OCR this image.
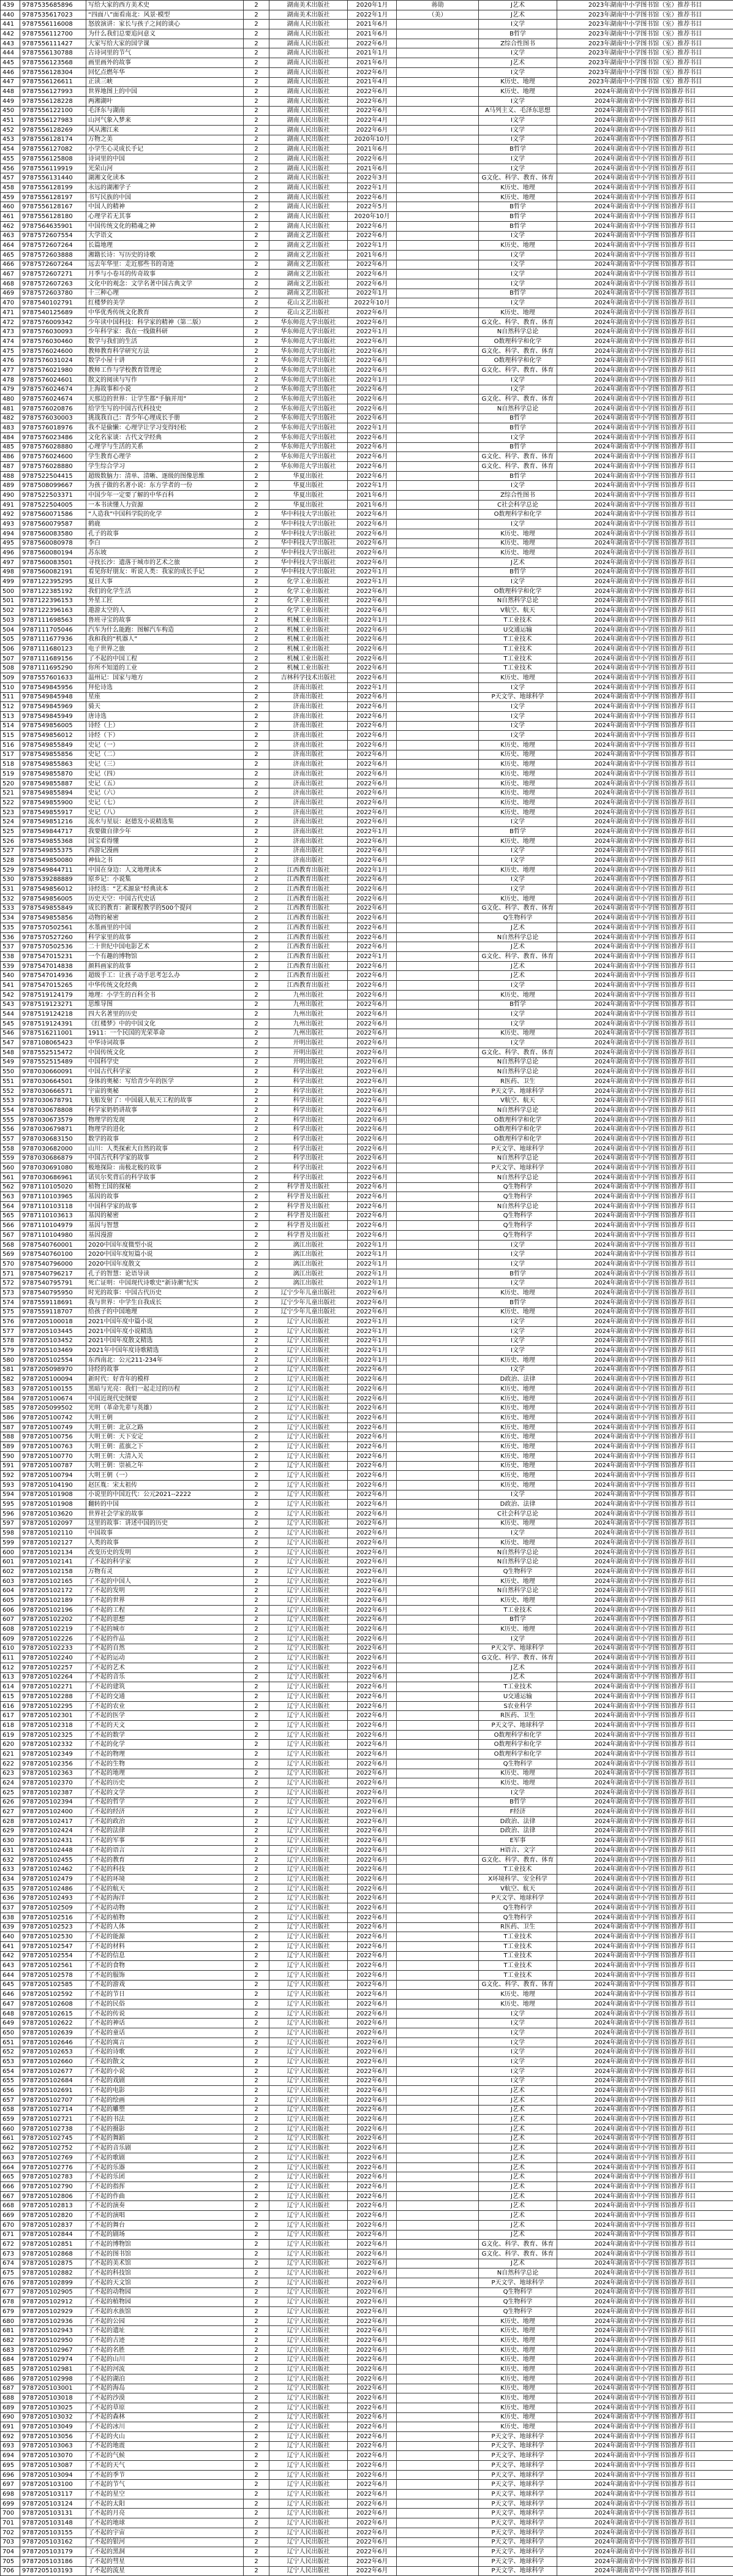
439	9787535685896	写给大家的西方美术史	2	湖南美术出版社	2020年1月	蒋勋	J艺术	2023年湖南中小学图书馆（室）推荐书目
440	9787535617023	“四面八”面看南北：风景·模型	2	湖南美术出版社	2022年1月	（美）	J艺术	2023年湖南中小学图书馆（室）推荐书目
441	9787556116008	怒放演讲：家长与孩子之间的谈心	2	湖南人民出版社	2021年6月		I文学	2023年湖南中小学图书馆（室）推荐书目
442	9787556112700	为什么我们总要追问意义	2	湖南人民出版社	2021年6月		B哲学	2023年湖南中小学图书馆（室）推荐书目
443	9787556111427	大家写给大家的国学课	2	湖南人民出版社	2022年6月		Z综合性图书	2023年湖南中小学图书馆（室）推荐书目
444	9787556130788	古诗词里的节气	2	湖南人民出版社	2021年1月		I文学	2023年湖南中小学图书馆（室）推荐书目
445	9787556123568	画里画外的故事	2	湖南人民出版社	2021年6月		J艺术	2023年湖南中小学图书馆（室）推荐书目
446	9787556128304	回忆点燃年华	2	湖南人民出版社	2022年6月		I文学	2023年湖南中小学图书馆（室）推荐书目
447	9787556126611	正读三峡	2	湖南人民出版社	2021年4月		K历史、地理	2023年湖南中小学图书馆（室）推荐书目
448	9787556127993	世界地图上的中国	2	湖南人民出版社	2022年6月		K历史、地理	2024年湖南省中小学图书馆推荐书目
449	9787556128228	两湘湖叶	2	湖南人民出版社	2022年6月		I文学	2024年湖南省中小学图书馆推荐书目
450	9787556122100	毛泽东与湖南	2	湖南人民出版社	2022年6月		A马列主义、毛泽东思想	2024年湖南省中小学图书馆推荐书目
451	9787556127983	山河气象入梦来	2	湖南人民出版社	2022年4月		I文学	2024年湖南省中小学图书馆推荐书目
452	9787556128269	风从湘江来	2	湖南人民出版社	2022年6月		I文学	2024年湖南省中小学图书馆推荐书目
453	9787556128174	万物之美	2	湖南人民出版社	2020年10月		I文学	2024年湖南省中小学图书馆推荐书目
454	9787556127082	小学生心灵成长手记	2	湖南人民出版社	2021年6月		B哲学	2024年湖南省中小学图书馆推荐书目
455	9787556125808	诗词里的中国	2	湖南人民出版社	2022年6月		I文学	2024年湖南省中小学图书馆推荐书目
456	9787556119919	光荣山河	2	湖南人民出版社	2021年6月		I文学	2024年湖南省中小学图书馆推荐书目
457	9787556131440	湖湘文化读本	2	湖南人民出版社	2022年3月		G文化、科学、教育、体育	2024年湖南省中小学图书馆推荐书目
458	9787556128199	永远的湖湘学子	2	湖南人民出版社	2022年1月		K历史、地理	2024年湖南省中小学图书馆推荐书目
459	9787556128197	书写民族的中国	2	湖南人民出版社	2022年6月		K历史、地理	2024年湖南省中小学图书馆推荐书目
460	9787556128167	中国人的精神	2	湖南人民出版社	2022年5月		B哲学	2024年湖南省中小学图书馆推荐书目
461	9787556128180	心理学若无其事	2	湖南人民出版社	2020年10月		B哲学	2024年湖南省中小学图书馆推荐书目
462	9787564635901	中国传统文化的精魂之神	2	湖南人民出版社	2022年6月		B哲学	2024年湖南省中小学图书馆推荐书目
463	9787572607554	大学语文	2	湖南文艺出版社	2022年6月		I文学	2024年湖南省中小学图书馆推荐书目
464	9787572607264	长篇地理	2	湖南文艺出版社	2022年1月		K历史、地理	2024年湖南省中小学图书馆推荐书目
465	9787572603888	湘籍长诗：写历史的诗歌	2	湖南文艺出版社	2021年6月		I文学	2024年湖南省中小学图书馆推荐书目
466	9787572607264	远去年华里：走近那些书的奇迹	2	湖南文艺出版社	2022年6月		I文学	2024年湖南省中小学图书馆推荐书目
467	9787572607271	月季与小卷耳的传奇故事	2	湖南文艺出版社	2022年6月		I文学	2024年湖南省中小学图书馆推荐书目
468	9787572607263	文化中的观念：文学名著中国古典文学	2	湖南文艺出版社	2022年6月		I文学	2024年湖南省中小学图书馆推荐书目
469	9787572603780	十三种心理	2	湖南文艺出版社	2022年1月		B哲学	2024年湖南省中小学图书馆推荐书目
470	9787540102791	红楼梦的美学	2	花山文艺出版社	2022年10月		I文学	2024年湖南省中小学图书馆推荐书目
471	9787540125689	中华优秀传统文化教育	2	花山文艺出版社	2022年6月		K历史、地理	2024年湖南省中小学图书馆推荐书目
472	9787576009342	少年读中国科技：科学家的精神（第二版）	2	华东师范大学出版社	2022年6月		G文化、科学、教育、体育	2024年湖南省中小学图书馆推荐书目
473	9787576030093	少年科学家：我在一线做科研	2	华东师范大学出版社	2022年1月		N自然科学总论	2024年湖南省中小学图书馆推荐书目
474	9787576030460	数学与我们的生活	2	华东师范大学出版社	2022年6月		O数理科学和化学	2024年湖南省中小学图书馆推荐书目
475	9787576024600	教师教育科学研究方法	2	华东师范大学出版社	2022年6月		G文化、科学、教育、体育	2024年湖南省中小学图书馆推荐书目
476	9787576031024	数学小屋十讲	2	华东师范大学出版社	2022年6月		O数理科学和化学	2024年湖南省中小学图书馆推荐书目
477	9787576021980	教师工作与学校教育管理论	2	华东师范大学出版社	2022年6月		G文化、科学、教育、体育	2024年湖南省中小学图书馆推荐书目
478	9787576024601	散文的阅读与写作	2	华东师范大学出版社	2022年1月		I文学	2024年湖南省中小学图书馆推荐书目
479	9787576024674	上海故事和小说	2	华东师范大学出版社	2022年6月		I文学	2024年湖南省中小学图书馆推荐书目
480	9787576024674	天那边的世界：让学生都“手脑并用”	2	华东师范大学出版社	2022年6月		G文化、科学、教育、体育	2024年湖南省中小学图书馆推荐书目
481	9787576020876	给学生写的中国古代科技史	2	华东师范大学出版社	2022年6月		N自然科学总论	2024年湖南省中小学图书馆推荐书目
482	9787576030003	挑战我自己：青少年心理成长手册	2	华东师范大学出版社	2022年6月		B哲学	2024年湖南省中小学图书馆推荐书目
483	9787576018976	我不是偷懒：心理学让学习变得轻松	2	华东师范大学出版社	2022年1月		B哲学	2024年湖南省中小学图书馆推荐书目
484	9787576023486	文化名家谈：古代文学经典	2	华东师范大学出版社	2022年6月		I文学	2024年湖南省中小学图书馆推荐书目
485	9787576028880	心理学与生活的关系	2	华东师范大学出版社	2022年6月		B哲学	2024年湖南省中小学图书馆推荐书目
486	9787576024600	学生教育心理学	2	华东师范大学出版社	2022年6月		G文化、科学、教育、体育	2024年湖南省中小学图书馆推荐书目
487	9787576028880	学生综合学习	2	华东师范大学出版社	2022年6月		G文化、科学、教育、体育	2024年湖南省中小学图书馆推荐书目
488	9787522504415	超级数脑力：清单、清晰、逐级的图像思维	2	华夏出版社	2022年6月		B哲学	2024年湖南省中小学图书馆推荐书目
489	9787508099667	为孩子做的名著小说：东方学者的一份	2	华夏出版社	2022年1月		I文学	2024年湖南省中小学图书馆推荐书目
490	9787522503371	中国少年一定要了解的中华百科	2	华夏出版社	2021年6月		Z综合性图书	2024年湖南省中小学图书馆推荐书目
491	9787522504005	一本书读懂人力资源	2	华夏出版社	2021年6月		C社会科学总论	2024年湖南省中小学图书馆推荐书目
492	9787560071586	“人造我”中国科学院的化学	2	华中科技大学出版社	2022年6月		O数理科学和化学	2024年湖南省中小学图书馆推荐书目
493	9787560079587	鹤鹿	2	华中科技大学出版社	2022年6月		I文学	2024年湖南省中小学图书馆推荐书目
494	9787560083580	孔子的故事	2	华中科技大学出版社	2022年6月		K历史、地理	2024年湖南省中小学图书馆推荐书目
495	9787560080978	李白	2	华中科技大学出版社	2022年6月		K历史、地理	2024年湖南省中小学图书馆推荐书目
496	9787560080194	苏东坡	2	华中科技大学出版社	2022年6月		K历史、地理	2024年湖南省中小学图书馆推荐书目
497	9787560083501	寻找长沙：遗落于城市的艺术之旅	2	华中科技大学出版社	2022年6月		J艺术	2024年湖南省中小学图书馆推荐书目
498	9787560082191	看见你好朋友：听说人类：我家的成长手记	2	华中科技大学出版社	2022年1月		B哲学	2024年湖南省中小学图书馆推荐书目
499	9787122395295	夏日大事	2	化学工业出版社	2022年1月		I文学	2024年湖南省中小学图书馆推荐书目
500	9787122385192	我们的化学生活	2	化学工业出版社	2022年6月		O数理科学和化学	2024年湖南省中小学图书馆推荐书目
501	9787122396153	外星工匠	2	化学工业出版社	2022年6月		N自然科学总论	2024年湖南省中小学图书馆推荐书目
502	9787122396163	遨游太空的人	2	化学工业出版社	2022年6月		V航空、航天	2024年湖南省中小学图书馆推荐书目
503	9787111698563	鲁班寻宝的故事	2	机械工业出版社	2022年1月		T工业技术	2024年湖南省中小学图书馆推荐书目
504	9787111705046	汽车为什么能跑：图解汽车构造	2	机械工业出版社	2022年6月		U交通运输	2024年湖南省中小学图书馆推荐书目
505	9787111677936	我和我的“机器人”	2	机械工业出版社	2022年6月		T工业技术	2024年湖南省中小学图书馆推荐书目
506	9787111680123	电子世界之旅	2	机械工业出版社	2022年6月		T工业技术	2024年湖南省中小学图书馆推荐书目
507	9787111689156	了不起的中国工程	2	机械工业出版社	2022年6月		T工业技术	2024年湖南省中小学图书馆推荐书目
508	9787111695290	你所不知道的工业	2	机械工业出版社	2022年6月		T工业技术	2024年湖南省中小学图书馆推荐书目
509	9787557601633	温州记：国家与地方	2	吉林科学技术出版社	2022年6月		K历史、地理	2024年湖南省中小学图书馆推荐书目
510	9787549845956	拜伦诗选	2	济南出版社	2022年1月		I文学	2024年湖南省中小学图书馆推荐书目
511	9787549845948	星座	2	济南出版社	2022年6月		P天文学、地球科学	2024年湖南省中小学图书馆推荐书目
512	9787549845969	骑天	2	济南出版社	2022年6月		I文学	2024年湖南省中小学图书馆推荐书目
513	9787549845949	唐诗选	2	济南出版社	2022年6月		I文学	2024年湖南省中小学图书馆推荐书目
514	9787549856005	诗经（上）	2	济南出版社	2022年6月		I文学	2024年湖南省中小学图书馆推荐书目
515	9787549856012	诗经（下）	2	济南出版社	2022年6月		I文学	2024年湖南省中小学图书馆推荐书目
516	9787549855849	史记（一）	2	济南出版社	2022年6月		K历史、地理	2024年湖南省中小学图书馆推荐书目
517	9787549855856	史记（二）	2	济南出版社	2022年6月		K历史、地理	2024年湖南省中小学图书馆推荐书目
518	9787549855863	史记（三）	2	济南出版社	2022年6月		K历史、地理	2024年湖南省中小学图书馆推荐书目
519	9787549855870	史记（四）	2	济南出版社	2022年6月		K历史、地理	2024年湖南省中小学图书馆推荐书目
520	9787549855887	史记（五）	2	济南出版社	2022年6月		K历史、地理	2024年湖南省中小学图书馆推荐书目
521	9787549855894	史记（六）	2	济南出版社	2022年6月		K历史、地理	2024年湖南省中小学图书馆推荐书目
522	9787549855900	史记（七）	2	济南出版社	2022年6月		K历史、地理	2024年湖南省中小学图书馆推荐书目
523	9787549855917	史记（八）	2	济南出版社	2022年6月		K历史、地理	2024年湖南省中小学图书馆推荐书目
524	9787549851216	流水与星辰：赵德发小说精选集	2	济南出版社	2022年6月		I文学	2024年湖南省中小学图书馆推荐书目
525	9787549844717	我要做自律少年	2	济南出版社	2022年1月		B哲学	2024年湖南省中小学图书馆推荐书目
526	9787549855368	国宝看得懂	2	济南出版社	2022年6月		K历史、地理	2024年湖南省中小学图书馆推荐书目
527	9787549855375	西游记漫画	2	济南出版社	2022年6月		I文学	2024年湖南省中小学图书馆推荐书目
528	9787549850080	神仙之书	2	济南出版社	2022年6月		I文学	2024年湖南省中小学图书馆推荐书目
529	9787549844711	中国在身边：人文地理读本	2	江西教育出版社	2022年1月		K历史、地理	2024年湖南省中小学图书馆推荐书目
530	9787539288889	原乡记：小说集	2	江西教育出版社	2022年6月		I文学	2024年湖南省中小学图书馆推荐书目
531	9787549856012	诗经选：“艺术源泉”经典读本	2	江西教育出版社	2022年6月		I文学	2024年湖南省中小学图书馆推荐书目
532	9787549856005	历史天空：中国古代史话	2	江西教育出版社	2022年6月		K历史、地理	2024年湖南省中小学图书馆推荐书目
533	9787549855849	成长的教育：新课程教学的500个提问	2	江西教育出版社	2022年6月		G文化、科学、教育、体育	2024年湖南省中小学图书馆推荐书目
534	9787549855856	动物的秘密	2	江西教育出版社	2022年6月		Q生物科学	2024年湖南省中小学图书馆推荐书目
535	9787570502561	水墨画里的中国	2	江西教育出版社	2022年6月		J艺术	2024年湖南省中小学图书馆推荐书目
536	9787570527260	科学家里的故事	2	江西教育出版社	2022年6月		N自然科学总论	2024年湖南省中小学图书馆推荐书目
537	9787570502536	二十世纪中国电影艺术	2	江西教育出版社	2022年6月		J艺术	2024年湖南省中小学图书馆推荐书目
538	9787547015231	一个有趣的博物馆	2	江西教育出版社	2022年1月		G文化、科学、教育、体育	2024年湖南省中小学图书馆推荐书目
539	9787547014838	颜料画家的故事	2	江西教育出版社	2022年6月		J艺术	2024年湖南省中小学图书馆推荐书目
540	9787547014936	超级手工：让孩子动手思考怎么办	2	江西教育出版社	2022年6月		J艺术	2024年湖南省中小学图书馆推荐书目
541	9787547015265	中华传统文化经典	2	江西教育出版社	2022年6月		I文学	2024年湖南省中小学图书馆推荐书目
542	9787519124179	地理：小学生的百科全书	2	九州出版社	2022年6月		K历史、地理	2024年湖南省中小学图书馆推荐书目
543	9787519123271	思维导图	2	九州出版社	2022年6月		B哲学	2024年湖南省中小学图书馆推荐书目
544	9787519124218	四大名著里的历史	2	九州出版社	2022年6月		I文学	2024年湖南省中小学图书馆推荐书目
545	9787519124391	《红楼梦》中的中国文化	2	九州出版社	2022年6月		I文学	2024年湖南省中小学图书馆推荐书目
546	9787516211001	1911：一个民国的光荣革命	2	九州出版社	2022年6月		K历史、地理	2024年湖南省中小学图书馆推荐书目
547	9787108065423	中华诗词故事	2	开明出版社	2022年6月		I文学	2024年湖南省中小学图书馆推荐书目
548	9787552515472	中国传统文化	2	开明出版社	2022年6月		G文化、科学、教育、体育	2024年湖南省中小学图书馆推荐书目
549	9787552515489	中国科学史	2	开明出版社	2022年6月		N自然科学总论	2024年湖南省中小学图书馆推荐书目
550	9787030660091	中国古代科学家	2	科学出版社	2022年6月		N自然科学总论	2024年湖南省中小学图书馆推荐书目
551	9787030664501	身体的奥秘：写给青少年的医学	2	科学出版社	2022年6月		R医药、卫生	2024年湖南省中小学图书馆推荐书目
552	9787030666571	宇宙的奥秘	2	科学出版社	2022年6月		P天文学、地球科学	2024年湖南省中小学图书馆推荐书目
553	9787030678791	飞船发射了：中国载人航天工程的故事	2	科学出版社	2022年6月		V航空、航天	2024年湖南省中小学图书馆推荐书目
554	9787030678808	科学家奶奶讲故事	2	科学出版社	2022年6月		N自然科学总论	2024年湖南省中小学图书馆推荐书目
555	9787030673579	物理学的发现	2	科学出版社	2022年6月		O数理科学和化学	2024年湖南省中小学图书馆推荐书目
556	9787030679871	物理学的进化	2	科学出版社	2022年6月		O数理科学和化学	2024年湖南省中小学图书馆推荐书目
557	9787030683150	数学的故事	2	科学出版社	2022年6月		O数理科学和化学	2024年湖南省中小学图书馆推荐书目
558	9787030682000	山川：人类探索大自然的故事	2	科学出版社	2022年6月		P天文学、地球科学	2024年湖南省中小学图书馆推荐书目
559	9787030686879	中国古代科学家的故事	2	科学出版社	2022年6月		N自然科学总论	2024年湖南省中小学图书馆推荐书目
560	9787030691080	极地探险：南极北极的故事	2	科学出版社	2022年6月		P天文学、地球科学	2024年湖南省中小学图书馆推荐书目
561	9787030686961	诺贝尔奖背后的科学故事	2	科学出版社	2022年6月		N自然科学总论	2024年湖南省中小学图书馆推荐书目
562	9787110105020	植物王国的探秘	2	科学普及出版社	2022年6月		Q生物科学	2024年湖南省中小学图书馆推荐书目
563	9787110103965	基因的故事	2	科学普及出版社	2022年6月		Q生物科学	2024年湖南省中小学图书馆推荐书目
564	9787110103118	中国科学家的故事	2	科学普及出版社	2022年6月		N自然科学总论	2024年湖南省中小学图书馆推荐书目
565	9787110103613	基因的秘密	2	科学普及出版社	2022年6月		Q生物科学	2024年湖南省中小学图书馆推荐书目
566	9787110104979	基因与智慧	2	科学普及出版社	2022年6月		Q生物科学	2024年湖南省中小学图书馆推荐书目
567	9787110104980	基因漫游	2	科学普及出版社	2022年6月		Q生物科学	2024年湖南省中小学图书馆推荐书目
568	9787540760001	2020中国年度微型小说	2	漓江出版社	2022年1月		I文学	2024年湖南省中小学图书馆推荐书目
569	9787540760100	2020中国年度短篇小说	2	漓江出版社	2022年1月		I文学	2024年湖南省中小学图书馆推荐书目
570	9787540796000	2020中国年度散文	2	漓江出版社	2022年1月		I文学	2024年湖南省中小学图书馆推荐书目
571	9787540796217	孔子的智慧：论语导读	2	漓江出版社	2022年1月		B哲学	2024年湖南省中小学图书馆推荐书目
572	9787540795791	死亡证明：中国现代诗歌史“新诗潮”纪实	2	漓江出版社	2022年1月		I文学	2024年湖南省中小学图书馆推荐书目
573	9787540795950	时光的故事：中国古代历史	2	辽宁少年儿童出版社	2022年6月		K历史、地理	2024年湖南省中小学图书馆推荐书目
574	9787559118691	我与世界：中学生自我成长	2	辽宁少年儿童出版社	2022年6月		B哲学	2024年湖南省中小学图书馆推荐书目
575	9787559118707	给孩子的中国地理	2	辽宁少年儿童出版社	2022年6月		K历史、地理	2024年湖南省中小学图书馆推荐书目
576	9787205100018	2021中国年度中篇小说	2	辽宁人民出版社	2022年1月		I文学	2024年湖南省中小学图书馆推荐书目
577	9787205103445	2021中国年度小说精选	2	辽宁人民出版社	2022年1月		I文学	2024年湖南省中小学图书馆推荐书目
578	9787205103452	2021中国年度散文精选	2	辽宁人民出版社	2022年1月		I文学	2024年湖南省中小学图书馆推荐书目
579	9787205103469	2021年中国年度诗歌精选	2	辽宁人民出版社	2022年1月		I文学	2024年湖南省中小学图书馆推荐书目
580	9787205102554	东西南北：公元211-234年	2	辽宁人民出版社	2022年1月		K历史、地理	2024年湖南省中小学图书馆推荐书目
581	9787205098970	诗经的故事	2	辽宁人民出版社	2022年6月		I文学	2024年湖南省中小学图书馆推荐书目
582	9787205100094	新时代：好青年的模样	2	辽宁人民出版社	2022年6月		D政治、法律	2024年湖南省中小学图书馆推荐书目
583	9787205100155	黑暗与光亮：我们一起走过的历程	2	辽宁人民出版社	2022年6月		K历史、地理	2024年湖南省中小学图书馆推荐书目
584	9787205100674	中国近现代史纲要	2	辽宁人民出版社	2022年6月		K历史、地理	2024年湖南省中小学图书馆推荐书目
585	9787205099502	光明（革命先辈与英雄）	2	辽宁人民出版社	2022年6月		K历史、地理	2024年湖南省中小学图书馆推荐书目
586	9787205100742	大明王朝	2	辽宁人民出版社	2022年6月		K历史、地理	2024年湖南省中小学图书馆推荐书目
587	9787205100749	大明王朝：北京之路	2	辽宁人民出版社	2022年6月		K历史、地理	2024年湖南省中小学图书馆推荐书目
588	9787205100756	大明王朝：天下安定	2	辽宁人民出版社	2022年6月		K历史、地理	2024年湖南省中小学图书馆推荐书目
589	9787205100763	大明王朝：蓝旗之下	2	辽宁人民出版社	2022年6月		K历史、地理	2024年湖南省中小学图书馆推荐书目
590	9787205100770	大明王朝：大清入关	2	辽宁人民出版社	2022年6月		K历史、地理	2024年湖南省中小学图书馆推荐书目
591	9787205100787	大明王朝：崇祯之年	2	辽宁人民出版社	2022年6月		K历史、地理	2024年湖南省中小学图书馆推荐书目
592	9787205100794	大明王朝（一）	2	辽宁人民出版社	2022年6月		K历史、地理	2024年湖南省中小学图书馆推荐书目
593	9787205104190	赵匡胤：宋太祖传	2	辽宁人民出版社	2022年6月		K历史、地理	2024年湖南省中小学图书馆推荐书目
594	9787205101908	小说里的中国近代：公元2021--2222	2	辽宁人民出版社	2022年6月		I文学	2024年湖南省中小学图书馆推荐书目
595	9787205101908	翻转的中国	2	辽宁人民出版社	2022年6月		D政治、法律	2024年湖南省中小学图书馆推荐书目
596	9787205103620	世界社会学家的故事	2	辽宁人民出版社	2022年6月		C社会科学总论	2024年湖南省中小学图书馆推荐书目
597	9787205102097	这里的故事：讲述中国的历史	2	辽宁人民出版社	2022年6月		K历史、地理	2024年湖南省中小学图书馆推荐书目
598	9787205102110	中国故事	2	辽宁人民出版社	2022年6月		I文学	2024年湖南省中小学图书馆推荐书目
599	9787205102127	人类的故事	2	辽宁人民出版社	2022年6月		K历史、地理	2024年湖南省中小学图书馆推荐书目
600	9787205102134	改变历史的发明	2	辽宁人民出版社	2022年6月		N自然科学总论	2024年湖南省中小学图书馆推荐书目
601	9787205102141	了不起的科学家	2	辽宁人民出版社	2022年6月		N自然科学总论	2024年湖南省中小学图书馆推荐书目
602	9787205102158	万物有灵	2	辽宁人民出版社	2022年6月		Q生物科学	2024年湖南省中小学图书馆推荐书目
603	9787205102165	了不起的中国人	2	辽宁人民出版社	2022年6月		K历史、地理	2024年湖南省中小学图书馆推荐书目
604	9787205102172	了不起的发明	2	辽宁人民出版社	2022年6月		N自然科学总论	2024年湖南省中小学图书馆推荐书目
605	9787205102189	了不起的世界	2	辽宁人民出版社	2022年6月		K历史、地理	2024年湖南省中小学图书馆推荐书目
606	9787205102196	了不起的工程	2	辽宁人民出版社	2022年6月		T工业技术	2024年湖南省中小学图书馆推荐书目
607	9787205102202	了不起的思想	2	辽宁人民出版社	2022年6月		B哲学	2024年湖南省中小学图书馆推荐书目
608	9787205102219	了不起的城市	2	辽宁人民出版社	2022年6月		K历史、地理	2024年湖南省中小学图书馆推荐书目
609	9787205102226	了不起的作品	2	辽宁人民出版社	2022年6月		I文学	2024年湖南省中小学图书馆推荐书目
610	9787205102233	了不起的自然	2	辽宁人民出版社	2022年6月		P天文学、地球科学	2024年湖南省中小学图书馆推荐书目
611	9787205102240	了不起的运动	2	辽宁人民出版社	2022年6月		G文化、科学、教育、体育	2024年湖南省中小学图书馆推荐书目
612	9787205102257	了不起的艺术	2	辽宁人民出版社	2022年6月		J艺术	2024年湖南省中小学图书馆推荐书目
613	9787205102264	了不起的音乐	2	辽宁人民出版社	2022年6月		J艺术	2024年湖南省中小学图书馆推荐书目
614	9787205102271	了不起的建筑	2	辽宁人民出版社	2022年6月		T工业技术	2024年湖南省中小学图书馆推荐书目
615	9787205102288	了不起的交通	2	辽宁人民出版社	2022年6月		U交通运输	2024年湖南省中小学图书馆推荐书目
616	9787205102295	了不起的农业	2	辽宁人民出版社	2022年6月		S农业科学	2024年湖南省中小学图书馆推荐书目
617	9787205102301	了不起的医学	2	辽宁人民出版社	2022年6月		R医药、卫生	2024年湖南省中小学图书馆推荐书目
618	9787205102318	了不起的天文	2	辽宁人民出版社	2022年6月		P天文学、地球科学	2024年湖南省中小学图书馆推荐书目
619	9787205102325	了不起的数学	2	辽宁人民出版社	2022年6月		O数理科学和化学	2024年湖南省中小学图书馆推荐书目
620	9787205102332	了不起的化学	2	辽宁人民出版社	2022年6月		O数理科学和化学	2024年湖南省中小学图书馆推荐书目
621	9787205102349	了不起的物理	2	辽宁人民出版社	2022年6月		O数理科学和化学	2024年湖南省中小学图书馆推荐书目
622	9787205102356	了不起的生物	2	辽宁人民出版社	2022年6月		Q生物科学	2024年湖南省中小学图书馆推荐书目
623	9787205102363	了不起的地理	2	辽宁人民出版社	2022年6月		K历史、地理	2024年湖南省中小学图书馆推荐书目
624	9787205102370	了不起的历史	2	辽宁人民出版社	2022年6月		K历史、地理	2024年湖南省中小学图书馆推荐书目
625	9787205102387	了不起的文学	2	辽宁人民出版社	2022年6月		I文学	2024年湖南省中小学图书馆推荐书目
626	9787205102394	了不起的哲学	2	辽宁人民出版社	2022年6月		B哲学	2024年湖南省中小学图书馆推荐书目
627	9787205102400	了不起的经济	2	辽宁人民出版社	2022年6月		F经济	2024年湖南省中小学图书馆推荐书目
628	9787205102417	了不起的政治	2	辽宁人民出版社	2022年6月		D政治、法律	2024年湖南省中小学图书馆推荐书目
629	9787205102424	了不起的法律	2	辽宁人民出版社	2022年6月		D政治、法律	2024年湖南省中小学图书馆推荐书目
630	9787205102431	了不起的军事	2	辽宁人民出版社	2022年6月		E军事	2024年湖南省中小学图书馆推荐书目
631	9787205102448	了不起的语言	2	辽宁人民出版社	2022年6月		H语言、文字	2024年湖南省中小学图书馆推荐书目
632	9787205102455	了不起的教育	2	辽宁人民出版社	2022年6月		G文化、科学、教育、体育	2024年湖南省中小学图书馆推荐书目
633	9787205102462	了不起的科技	2	辽宁人民出版社	2022年6月		T工业技术	2024年湖南省中小学图书馆推荐书目
634	9787205102479	了不起的环境	2	辽宁人民出版社	2022年6月		X环境科学、安全科学	2024年湖南省中小学图书馆推荐书目
635	9787205102486	了不起的航天	2	辽宁人民出版社	2022年6月		V航空、航天	2024年湖南省中小学图书馆推荐书目
636	9787205102493	了不起的海洋	2	辽宁人民出版社	2022年6月		P天文学、地球科学	2024年湖南省中小学图书馆推荐书目
637	9787205102509	了不起的动物	2	辽宁人民出版社	2022年6月		Q生物科学	2024年湖南省中小学图书馆推荐书目
638	9787205102516	了不起的植物	2	辽宁人民出版社	2022年6月		Q生物科学	2024年湖南省中小学图书馆推荐书目
639	9787205102523	了不起的人体	2	辽宁人民出版社	2022年6月		R医药、卫生	2024年湖南省中小学图书馆推荐书目
640	9787205102530	了不起的能源	2	辽宁人民出版社	2022年6月		T工业技术	2024年湖南省中小学图书馆推荐书目
641	9787205102547	了不起的材料	2	辽宁人民出版社	2022年6月		T工业技术	2024年湖南省中小学图书馆推荐书目
642	9787205102554	了不起的信息	2	辽宁人民出版社	2022年6月		T工业技术	2024年湖南省中小学图书馆推荐书目
643	9787205102561	了不起的食物	2	辽宁人民出版社	2022年6月		T工业技术	2024年湖南省中小学图书馆推荐书目
644	9787205102578	了不起的服饰	2	辽宁人民出版社	2022年6月		T工业技术	2024年湖南省中小学图书馆推荐书目
645	9787205102585	了不起的游戏	2	辽宁人民出版社	2022年6月		G文化、科学、教育、体育	2024年湖南省中小学图书馆推荐书目
646	9787205102592	了不起的节日	2	辽宁人民出版社	2022年6月		K历史、地理	2024年湖南省中小学图书馆推荐书目
647	9787205102608	了不起的民俗	2	辽宁人民出版社	2022年6月		K历史、地理	2024年湖南省中小学图书馆推荐书目
648	9787205102615	了不起的传说	2	辽宁人民出版社	2022年6月		I文学	2024年湖南省中小学图书馆推荐书目
649	9787205102622	了不起的神话	2	辽宁人民出版社	2022年6月		I文学	2024年湖南省中小学图书馆推荐书目
650	9787205102639	了不起的童话	2	辽宁人民出版社	2022年6月		I文学	2024年湖南省中小学图书馆推荐书目
651	9787205102646	了不起的寓言	2	辽宁人民出版社	2022年6月		I文学	2024年湖南省中小学图书馆推荐书目
652	9787205102653	了不起的诗歌	2	辽宁人民出版社	2022年6月		I文学	2024年湖南省中小学图书馆推荐书目
653	9787205102660	了不起的散文	2	辽宁人民出版社	2022年6月		I文学	2024年湖南省中小学图书馆推荐书目
654	9787205102677	了不起的小说	2	辽宁人民出版社	2022年6月		I文学	2024年湖南省中小学图书馆推荐书目
655	9787205102684	了不起的戏剧	2	辽宁人民出版社	2022年6月		I文学	2024年湖南省中小学图书馆推荐书目
656	9787205102691	了不起的电影	2	辽宁人民出版社	2022年6月		J艺术	2024年湖南省中小学图书馆推荐书目
657	9787205102707	了不起的绘画	2	辽宁人民出版社	2022年6月		J艺术	2024年湖南省中小学图书馆推荐书目
658	9787205102714	了不起的雕塑	2	辽宁人民出版社	2022年6月		J艺术	2024年湖南省中小学图书馆推荐书目
659	9787205102721	了不起的书法	2	辽宁人民出版社	2022年6月		J艺术	2024年湖南省中小学图书馆推荐书目
660	9787205102738	了不起的摄影	2	辽宁人民出版社	2022年6月		J艺术	2024年湖南省中小学图书馆推荐书目
661	9787205102745	了不起的舞蹈	2	辽宁人民出版社	2022年6月		J艺术	2024年湖南省中小学图书馆推荐书目
662	9787205102752	了不起的音乐剧	2	辽宁人民出版社	2022年6月		J艺术	2024年湖南省中小学图书馆推荐书目
663	9787205102769	了不起的歌剧	2	辽宁人民出版社	2022年6月		J艺术	2024年湖南省中小学图书馆推荐书目
664	9787205102776	了不起的乐器	2	辽宁人民出版社	2022年6月		J艺术	2024年湖南省中小学图书馆推荐书目
665	9787205102783	了不起的乐团	2	辽宁人民出版社	2022年6月		J艺术	2024年湖南省中小学图书馆推荐书目
666	9787205102790	了不起的指挥	2	辽宁人民出版社	2022年6月		J艺术	2024年湖南省中小学图书馆推荐书目
667	9787205102806	了不起的作曲	2	辽宁人民出版社	2022年6月		J艺术	2024年湖南省中小学图书馆推荐书目
668	9787205102813	了不起的演奏	2	辽宁人民出版社	2022年6月		J艺术	2024年湖南省中小学图书馆推荐书目
669	9787205102820	了不起的演唱	2	辽宁人民出版社	2022年6月		J艺术	2024年湖南省中小学图书馆推荐书目
670	9787205102837	了不起的舞台	2	辽宁人民出版社	2022年6月		J艺术	2024年湖南省中小学图书馆推荐书目
671	9787205102844	了不起的剧场	2	辽宁人民出版社	2022年6月		J艺术	2024年湖南省中小学图书馆推荐书目
672	9787205102851	了不起的博物馆	2	辽宁人民出版社	2022年6月		G文化、科学、教育、体育	2024年湖南省中小学图书馆推荐书目
673	9787205102868	了不起的图书馆	2	辽宁人民出版社	2022年6月		G文化、科学、教育、体育	2024年湖南省中小学图书馆推荐书目
674	9787205102875	了不起的美术馆	2	辽宁人民出版社	2022年6月		J艺术	2024年湖南省中小学图书馆推荐书目
675	9787205102882	了不起的科技馆	2	辽宁人民出版社	2022年6月		N自然科学总论	2024年湖南省中小学图书馆推荐书目
676	9787205102899	了不起的天文馆	2	辽宁人民出版社	2022年6月		P天文学、地球科学	2024年湖南省中小学图书馆推荐书目
677	9787205102905	了不起的动物园	2	辽宁人民出版社	2022年6月		Q生物科学	2024年湖南省中小学图书馆推荐书目
678	9787205102912	了不起的植物园	2	辽宁人民出版社	2022年6月		Q生物科学	2024年湖南省中小学图书馆推荐书目
679	9787205102929	了不起的水族馆	2	辽宁人民出版社	2022年6月		Q生物科学	2024年湖南省中小学图书馆推荐书目
680	9787205102936	了不起的公园	2	辽宁人民出版社	2022年6月		K历史、地理	2024年湖南省中小学图书馆推荐书目
681	9787205102943	了不起的遗址	2	辽宁人民出版社	2022年6月		K历史、地理	2024年湖南省中小学图书馆推荐书目
682	9787205102950	了不起的古迹	2	辽宁人民出版社	2022年6月		K历史、地理	2024年湖南省中小学图书馆推荐书目
683	9787205102967	了不起的名胜	2	辽宁人民出版社	2022年6月		K历史、地理	2024年湖南省中小学图书馆推荐书目
684	9787205102974	了不起的山川	2	辽宁人民出版社	2022年6月		K历史、地理	2024年湖南省中小学图书馆推荐书目
685	9787205102981	了不起的河流	2	辽宁人民出版社	2022年6月		K历史、地理	2024年湖南省中小学图书馆推荐书目
686	9787205102998	了不起的湖泊	2	辽宁人民出版社	2022年6月		K历史、地理	2024年湖南省中小学图书馆推荐书目
687	9787205103001	了不起的海岛	2	辽宁人民出版社	2022年6月		K历史、地理	2024年湖南省中小学图书馆推荐书目
688	9787205103018	了不起的沙漠	2	辽宁人民出版社	2022年6月		K历史、地理	2024年湖南省中小学图书馆推荐书目
689	9787205103025	了不起的草原	2	辽宁人民出版社	2022年6月		K历史、地理	2024年湖南省中小学图书馆推荐书目
690	9787205103032	了不起的森林	2	辽宁人民出版社	2022年6月		K历史、地理	2024年湖南省中小学图书馆推荐书目
691	9787205103049	了不起的冰川	2	辽宁人民出版社	2022年6月		K历史、地理	2024年湖南省中小学图书馆推荐书目
692	9787205103056	了不起的火山	2	辽宁人民出版社	2022年6月		P天文学、地球科学	2024年湖南省中小学图书馆推荐书目
693	9787205103063	了不起的地震	2	辽宁人民出版社	2022年6月		P天文学、地球科学	2024年湖南省中小学图书馆推荐书目
694	9787205103070	了不起的气候	2	辽宁人民出版社	2022年6月		P天文学、地球科学	2024年湖南省中小学图书馆推荐书目
695	9787205103087	了不起的天气	2	辽宁人民出版社	2022年6月		P天文学、地球科学	2024年湖南省中小学图书馆推荐书目
696	9787205103094	了不起的季节	2	辽宁人民出版社	2022年6月		P天文学、地球科学	2024年湖南省中小学图书馆推荐书目
697	9787205103100	了不起的节气	2	辽宁人民出版社	2022年6月		P天文学、地球科学	2024年湖南省中小学图书馆推荐书目
698	9787205103117	了不起的星空	2	辽宁人民出版社	2022年6月		P天文学、地球科学	2024年湖南省中小学图书馆推荐书目
699	9787205103124	了不起的太阳	2	辽宁人民出版社	2022年6月		P天文学、地球科学	2024年湖南省中小学图书馆推荐书目
700	9787205103131	了不起的月亮	2	辽宁人民出版社	2022年6月		P天文学、地球科学	2024年湖南省中小学图书馆推荐书目
701	9787205103148	了不起的地球	2	辽宁人民出版社	2022年6月		P天文学、地球科学	2024年湖南省中小学图书馆推荐书目
702	9787205103155	了不起的宇宙	2	辽宁人民出版社	2022年6月		P天文学、地球科学	2024年湖南省中小学图书馆推荐书目
703	9787205103162	了不起的银河	2	辽宁人民出版社	2022年6月		P天文学、地球科学	2024年湖南省中小学图书馆推荐书目
704	9787205103179	了不起的黑洞	2	辽宁人民出版社	2022年6月		P天文学、地球科学	2024年湖南省中小学图书馆推荐书目
705	9787205103186	了不起的彗星	2	辽宁人民出版社	2022年6月		P天文学、地球科学	2024年湖南省中小学图书馆推荐书目
706	9787205103193	了不起的流星	2	辽宁人民出版社	2022年6月		P天文学、地球科学	2024年湖南省中小学图书馆推荐书目
